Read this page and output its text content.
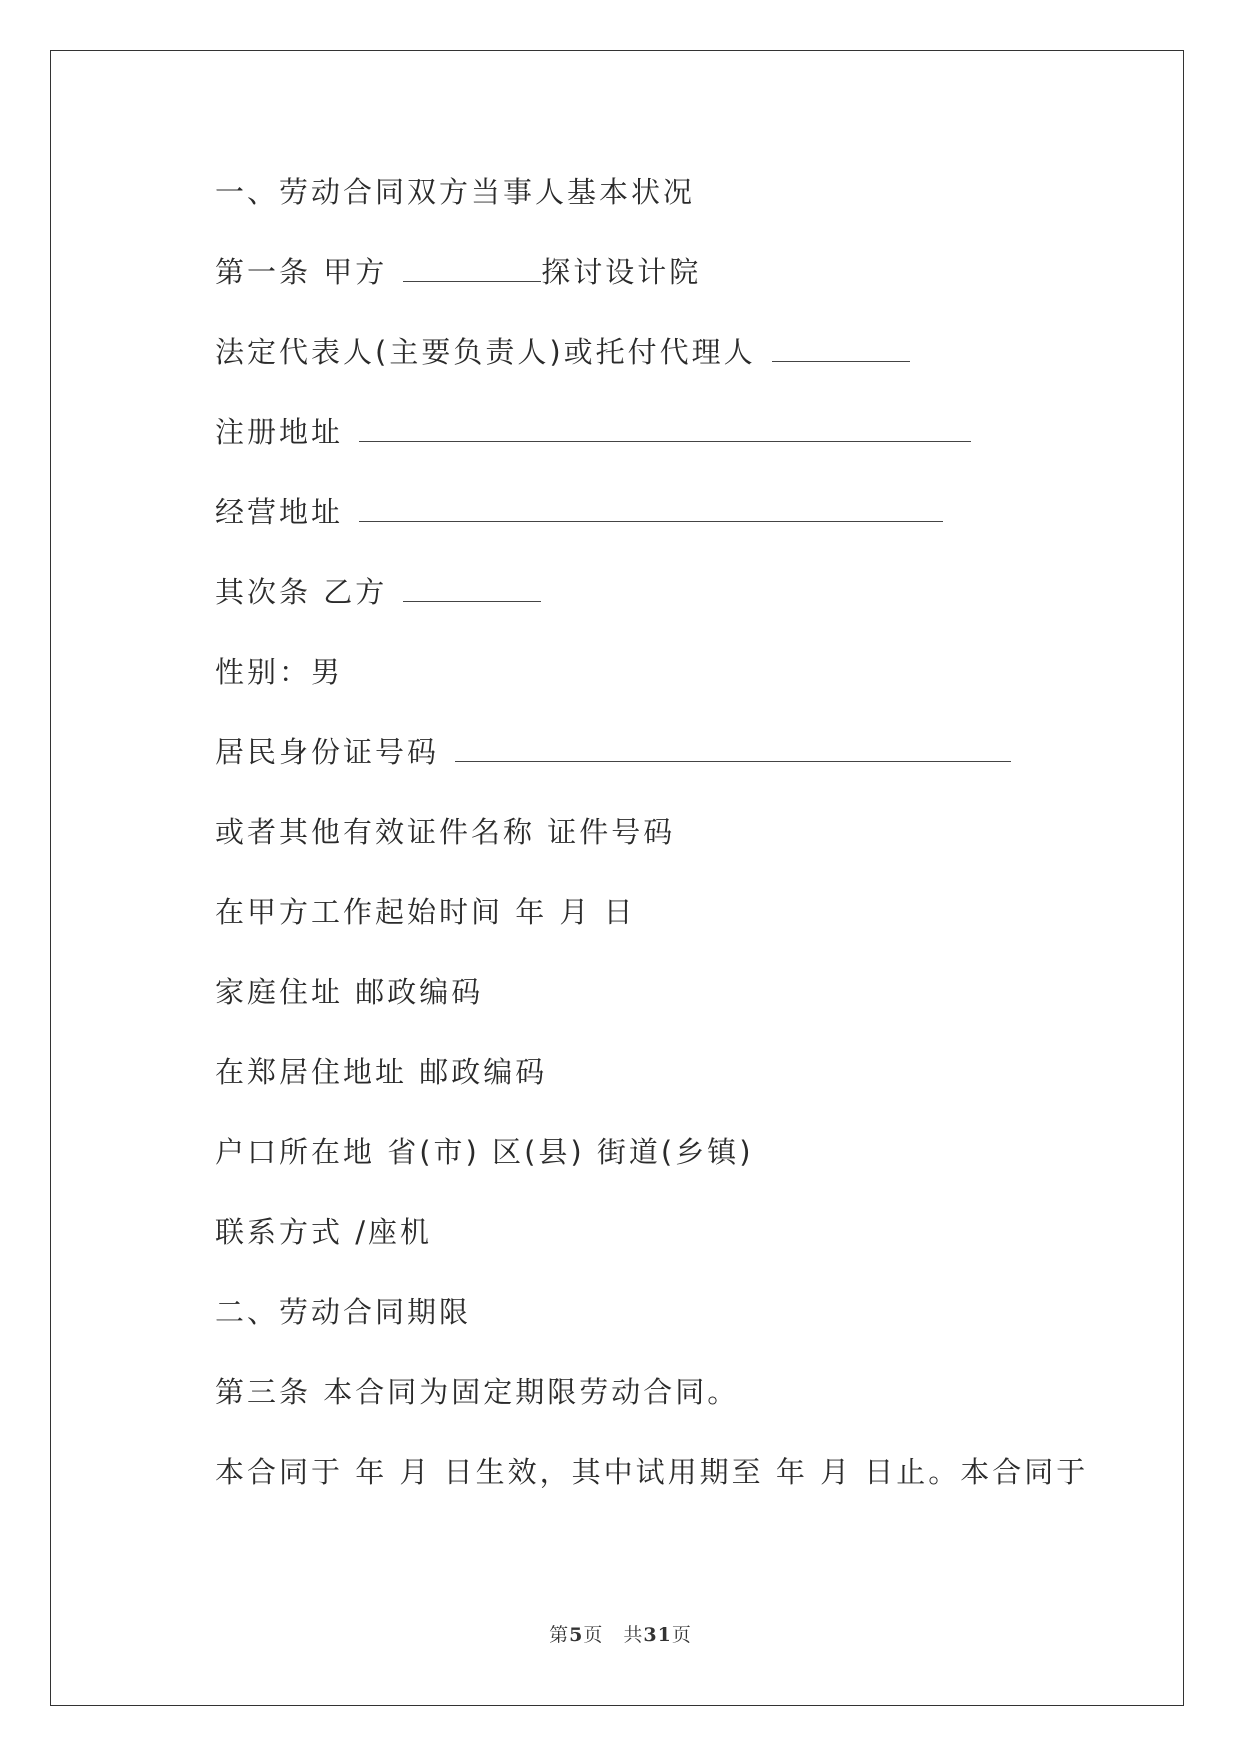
一、劳动合同双方当事人基本状况
第一条 甲方	探讨设计院
法定代表人(主要负责人)或托付代理人
注册地址
经营地址
其次条 乙方
性别：男
居民身份证号码
或者其他有效证件名称 证件号码
在甲方工作起始时间 年 月 日
家庭住址 邮政编码
在郑居住地址 邮政编码
户口所在地 省(市) 区(县) 街道(乡镇)
联系方式 /座机
二、劳动合同期限
第三条 本合同为固定期限劳动合同。
本合同于 年 月 日生效，其中试用期至 年 月 日止。本合同于
第5页　共31页
